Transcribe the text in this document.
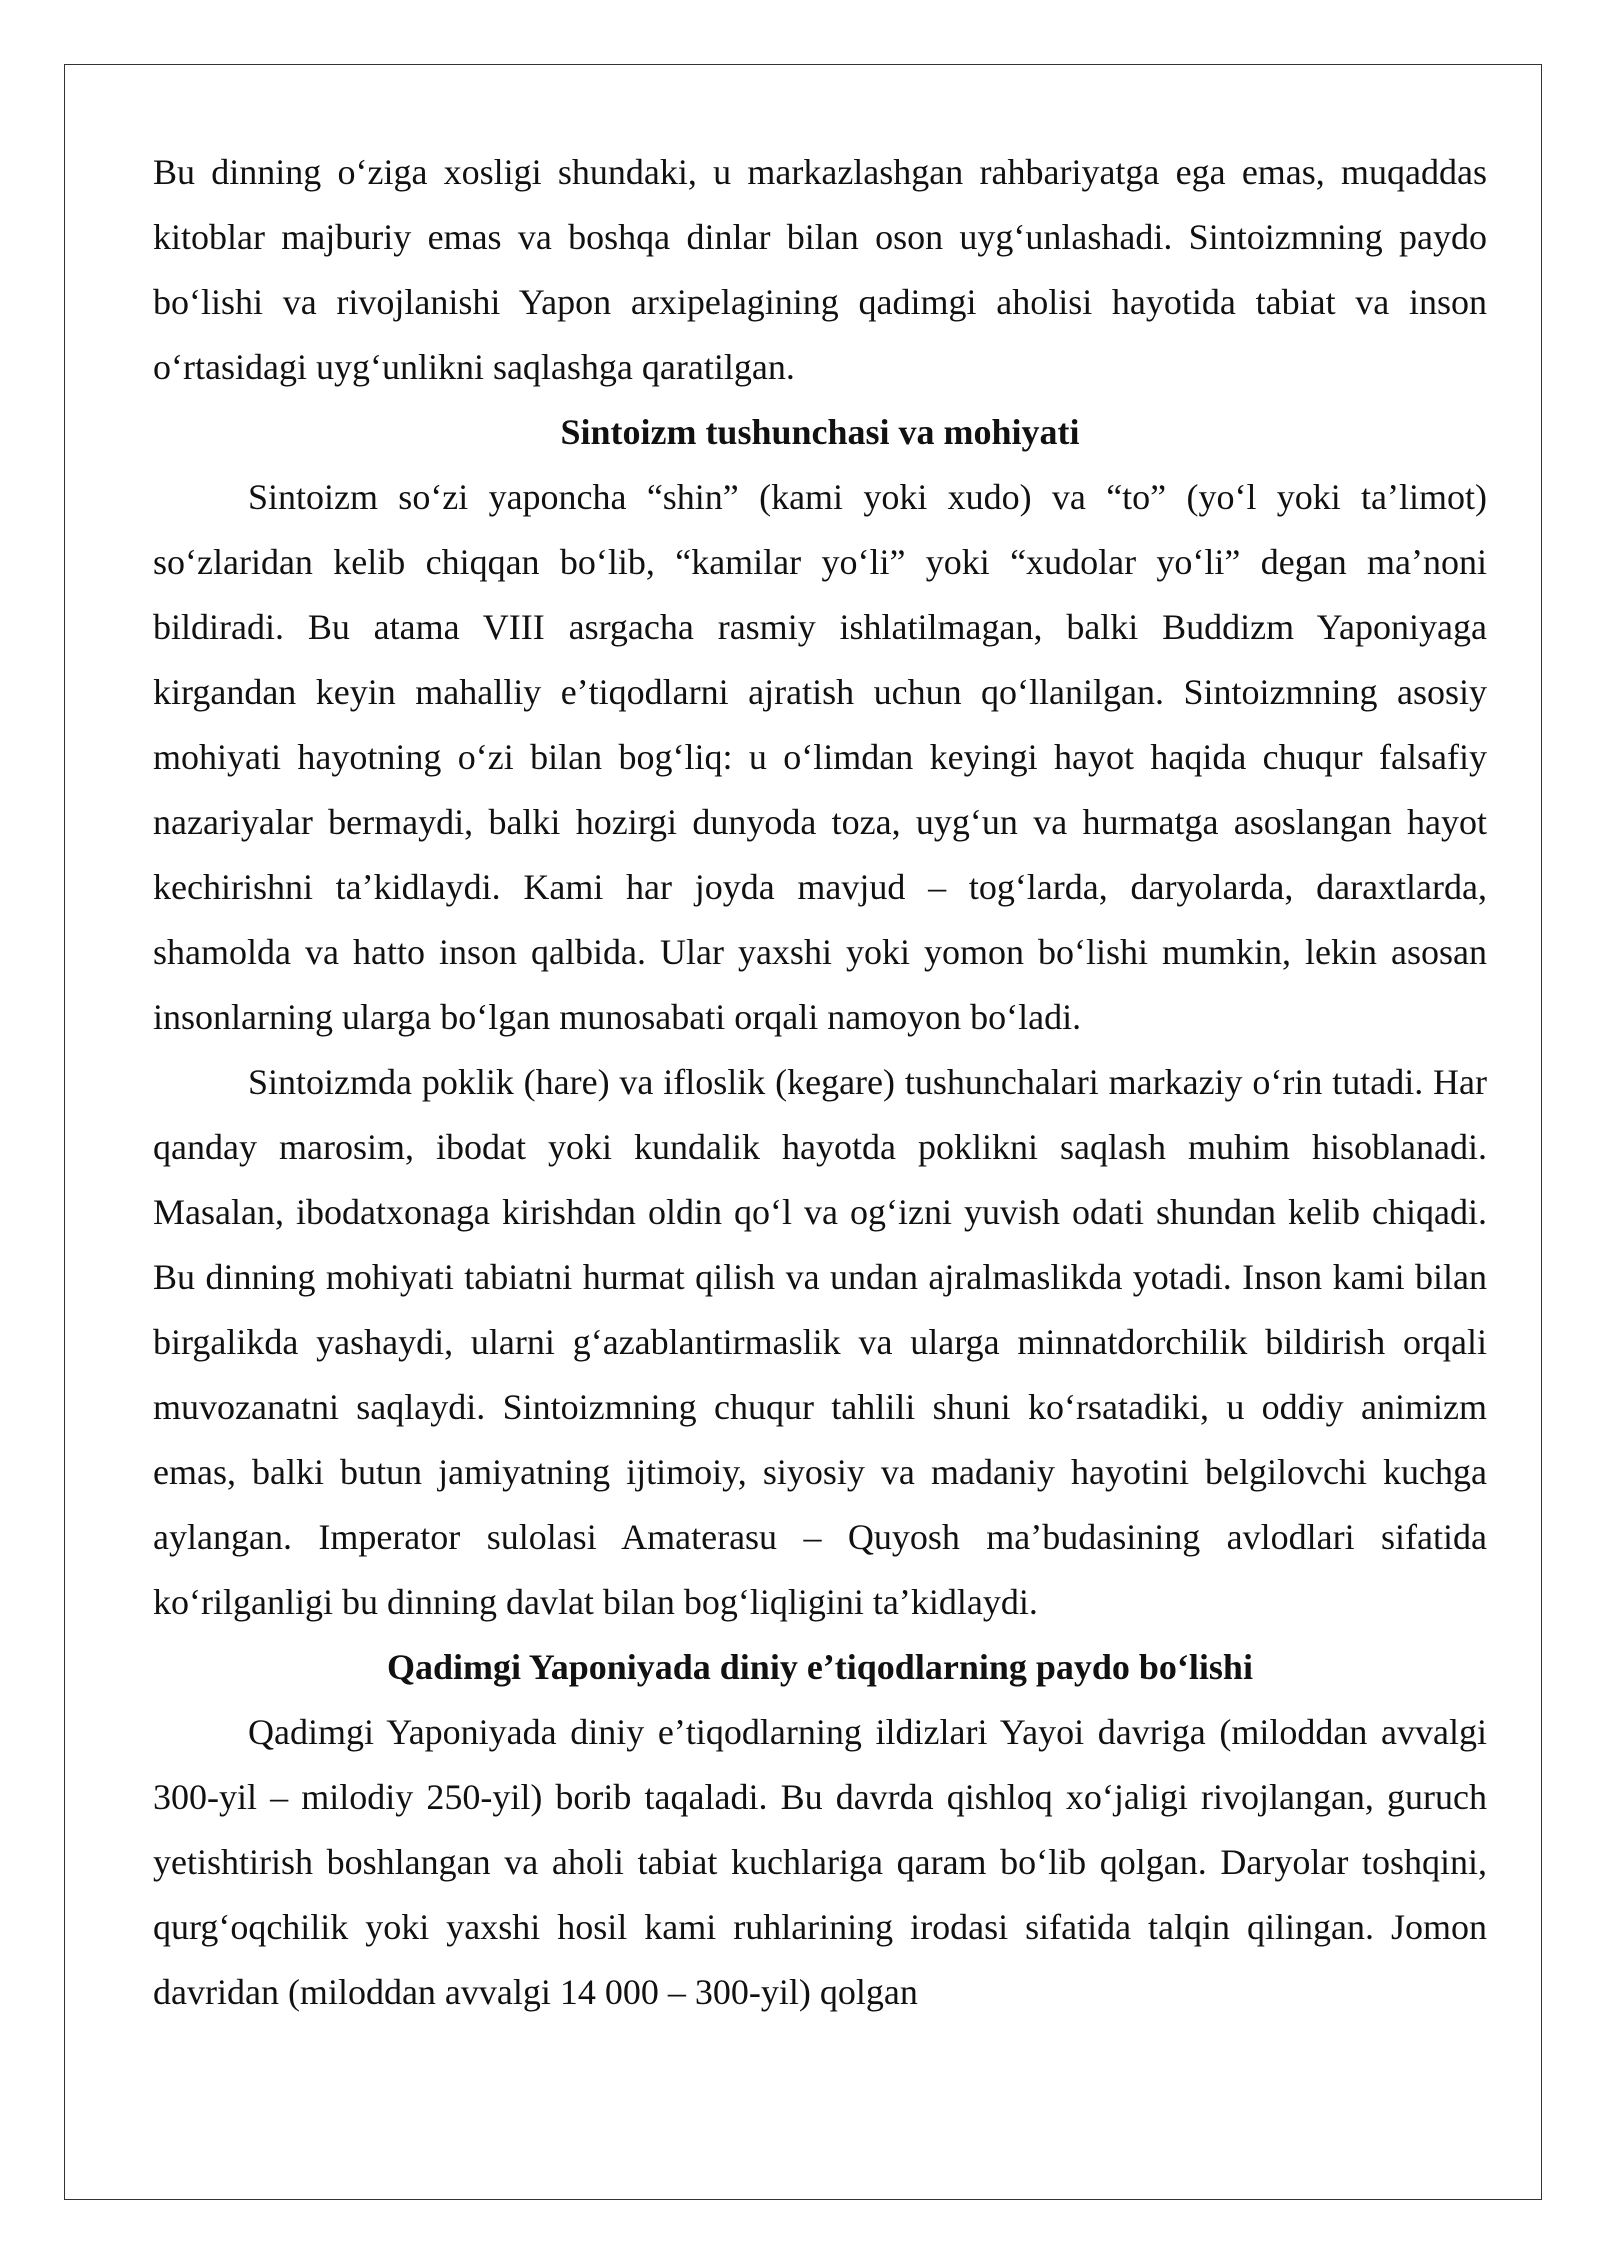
Bu dinning oʻziga xosligi shundaki, u markazlashgan rahbariyatga ega emas, muqaddas kitoblar majburiy emas va boshqa dinlar bilan oson uygʻunlashadi. Sintoizmning paydo boʻlishi va rivojlanishi Yapon arxipelagining qadimgi aholisi hayotida tabiat va inson oʻrtasidagi uygʻunlikni saqlashga qaratilgan.

Sintoizm tushunchasi va mohiyati

Sintoizm soʻzi yaponcha “shin” (kami yoki xudo) va “to” (yoʻl yoki taʼlimot) soʻzlaridan kelib chiqqan boʻlib, “kamilar yoʻli” yoki “xudolar yoʻli” degan maʼnoni bildiradi. Bu atama VIII asrgacha rasmiy ishlatilmagan, balki Buddizm Yaponiyaga kirgandan keyin mahalliy eʼtiqodlarni ajratish uchun qoʻllanilgan. Sintoizmning asosiy mohiyati hayotning oʻzi bilan bogʻliq: u oʻlimdan keyingi hayot haqida chuqur falsafiy nazariyalar bermaydi, balki hozirgi dunyoda toza, uygʻun va hurmatga asoslangan hayot kechirishni taʼkidlaydi. Kami har joyda mavjud – togʻlarda, daryolarda, daraxtlarda, shamolda va hatto inson qalbida. Ular yaxshi yoki yomon boʻlishi mumkin, lekin asosan insonlarning ularga boʻlgan munosabati orqali namoyon boʻladi.

Sintoizmda poklik (hare) va ifloslik (kegare) tushunchalari markaziy oʻrin tutadi. Har qanday marosim, ibodat yoki kundalik hayotda poklikni saqlash muhim hisoblanadi. Masalan, ibodatxonaga kirishdan oldin qoʻl va ogʻizni yuvish odati shundan kelib chiqadi. Bu dinning mohiyati tabiatni hurmat qilish va undan ajralmaslikda yotadi. Inson kami bilan birgalikda yashaydi, ularni gʻazablantirmaslik va ularga minnatdorchilik bildirish orqali muvozanatni saqlaydi. Sintoizmning chuqur tahlili shuni koʻrsatadiki, u oddiy animizm emas, balki butun jamiyatning ijtimoiy, siyosiy va madaniy hayotini belgilovchi kuchga aylangan. Imperator sulolasi Amaterasu – Quyosh maʼbudasining avlodlari sifatida koʻrilganligi bu dinning davlat bilan bogʻliqligini taʼkidlaydi.

Qadimgi Yaponiyada diniy eʼtiqodlarning paydo boʻlishi

Qadimgi Yaponiyada diniy eʼtiqodlarning ildizlari Yayoi davriga (miloddan avvalgi 300-yil – milodiy 250-yil) borib taqaladi. Bu davrda qishloq xoʻjaligi rivojlangan, guruch yetishtirish boshlangan va aholi tabiat kuchlariga qaram boʻlib qolgan. Daryolar toshqini, qurgʻoqchilik yoki yaxshi hosil kami ruhlarining irodasi sifatida talqin qilingan. Jomon davridan (miloddan avvalgi 14 000 – 300-yil) qolgan
